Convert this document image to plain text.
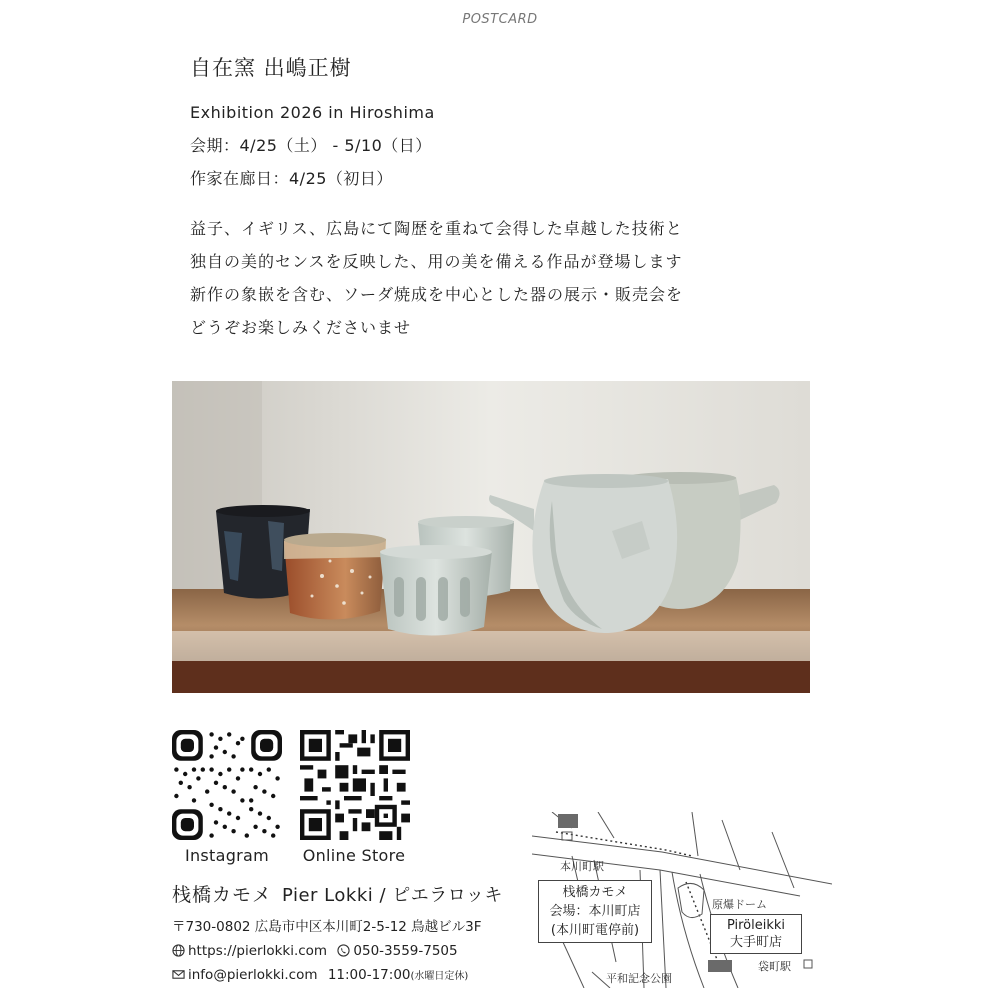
POSTCARD
自在窯 出嶋正樹
Exhibition 2026 in Hiroshima
会期：4/25（土） - 5/10（日）
作家在廊日：4/25（初日）
益子、イギリス、広島にて陶歴を重ねて会得した卓越した技術と
独自の美的センスを反映した、用の美を備える作品が登場します
新作の象嵌を含む、ソーダ焼成を中心とした器の展示・販売会を
どうぞお楽しみくださいませ
Instagram	Online Store
栈橋カモメ Pier Lokki / ピエラロッキ
〒730-0802 広島市中区本川町2-5-12 鳥越ビル3F
https://pierlokki.com 050-3559-7505
info@pierlokki.com 11:00-17:00(水曜日定休)
本川町駅
栈橋カモメ
会場：本川町店
(本川町電停前)
原爆ドーム
Piröleikki
大手町店
袋町駅
平和記念公園
